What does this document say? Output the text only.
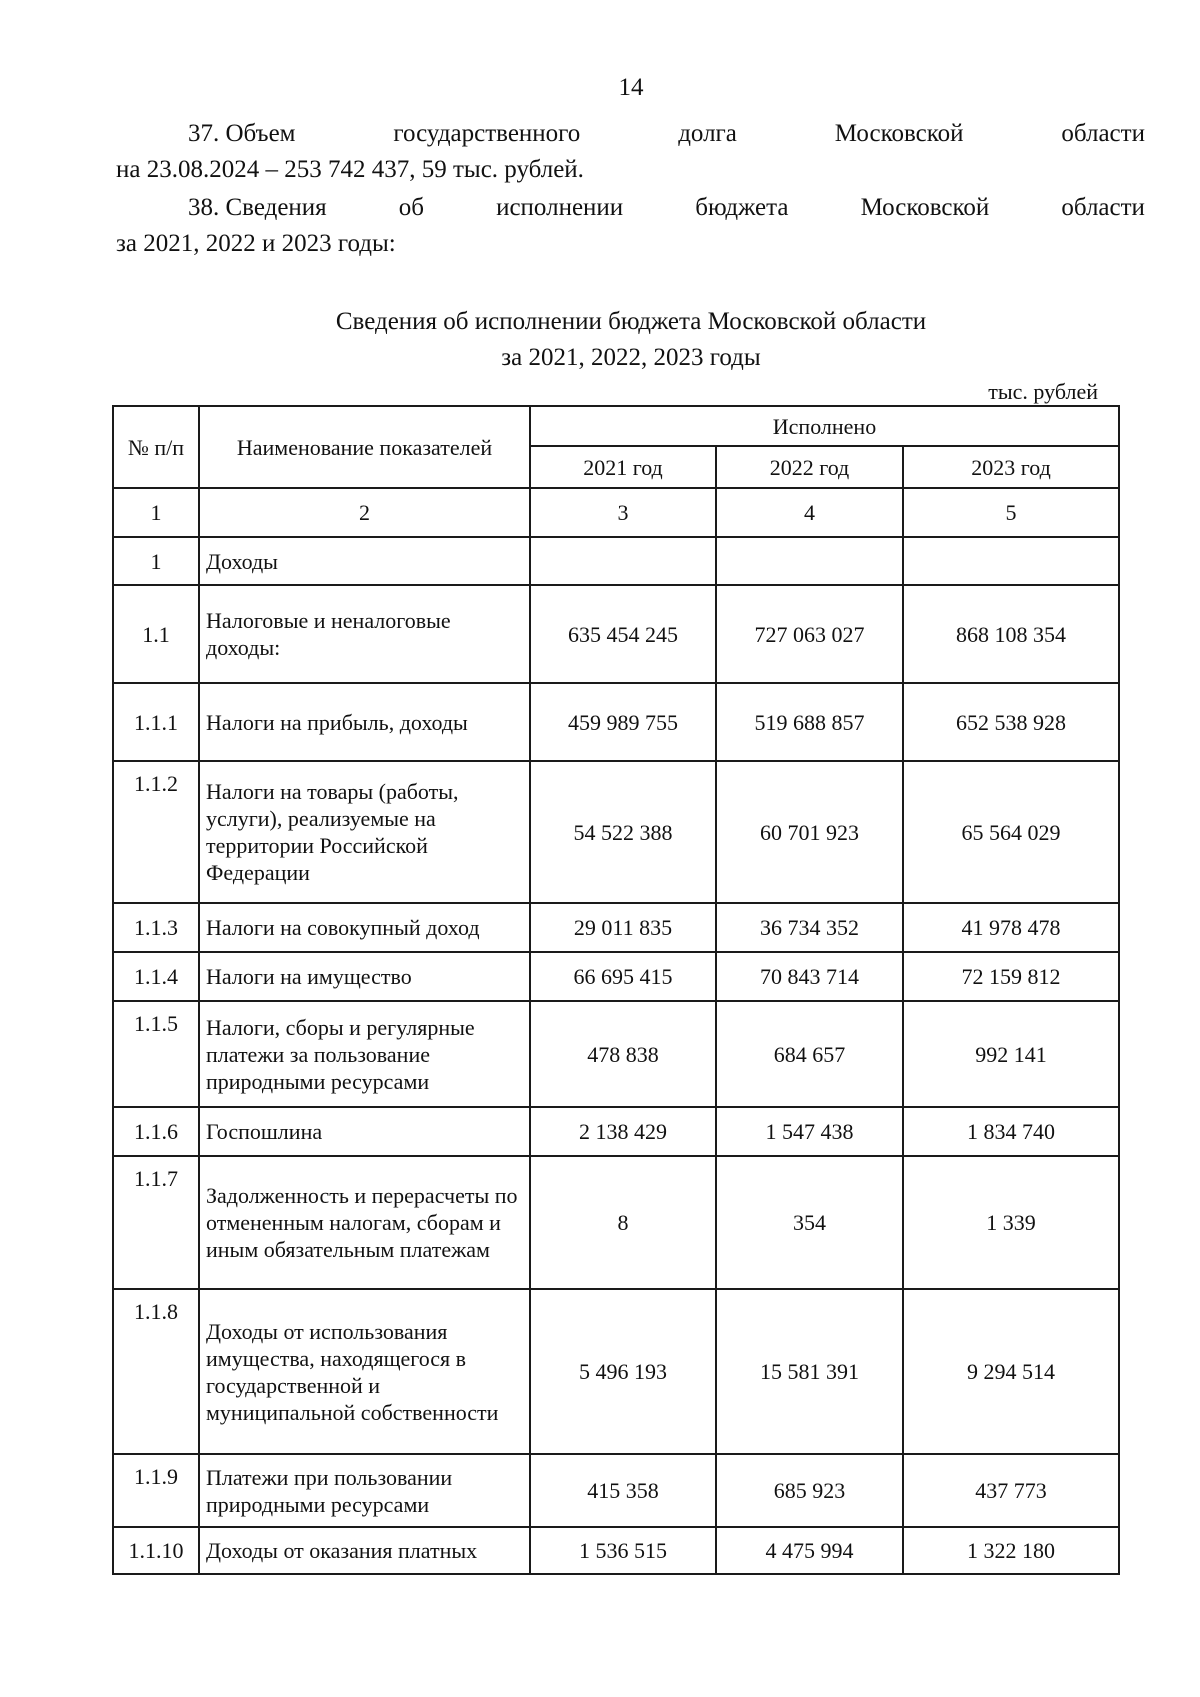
14
37. Объем	государственного	долга	Московской	области
на 23.08.2024 – 253 742 437, 59 тыс. рублей.
38. Сведения	об	исполнении	бюджета	Московской	области
за 2021, 2022 и 2023 годы:
Сведения об исполнении бюджета Московской области
за 2021, 2022, 2023 годы
тыс. рублей
№ п/п	Наименование показателей	Исполнено		
		2021 год	2022 год	2023 год
1	2	3	4	5
1	Доходы			
1.1	Налоговые и неналоговые доходы:	635 454 245	727 063 027	868 108 354
1.1.1	Налоги на прибыль, доходы	459 989 755	519 688 857	652 538 928
1.1.2	Налоги на товары (работы, услуги), реализуемые на территории Российской Федерации	54 522 388	60 701 923	65 564 029
1.1.3	Налоги на совокупный доход	29 011 835	36 734 352	41 978 478
1.1.4	Налоги на имущество	66 695 415	70 843 714	72 159 812
1.1.5	Налоги, сборы и регулярные платежи за пользование природными ресурсами	478 838	684 657	992 141
1.1.6	Госпошлина	2 138 429	1 547 438	1 834 740
1.1.7	Задолженность и перерасчеты по отмененным налогам, сборам и иным обязательным платежам	8	354	1 339
1.1.8	Доходы от использования имущества, находящегося в государственной и муниципальной собственности	5 496 193	15 581 391	9 294 514
1.1.9	Платежи при пользовании природными ресурсами	415 358	685 923	437 773
1.1.10	Доходы от оказания платных	1 536 515	4 475 994	1 322 180
